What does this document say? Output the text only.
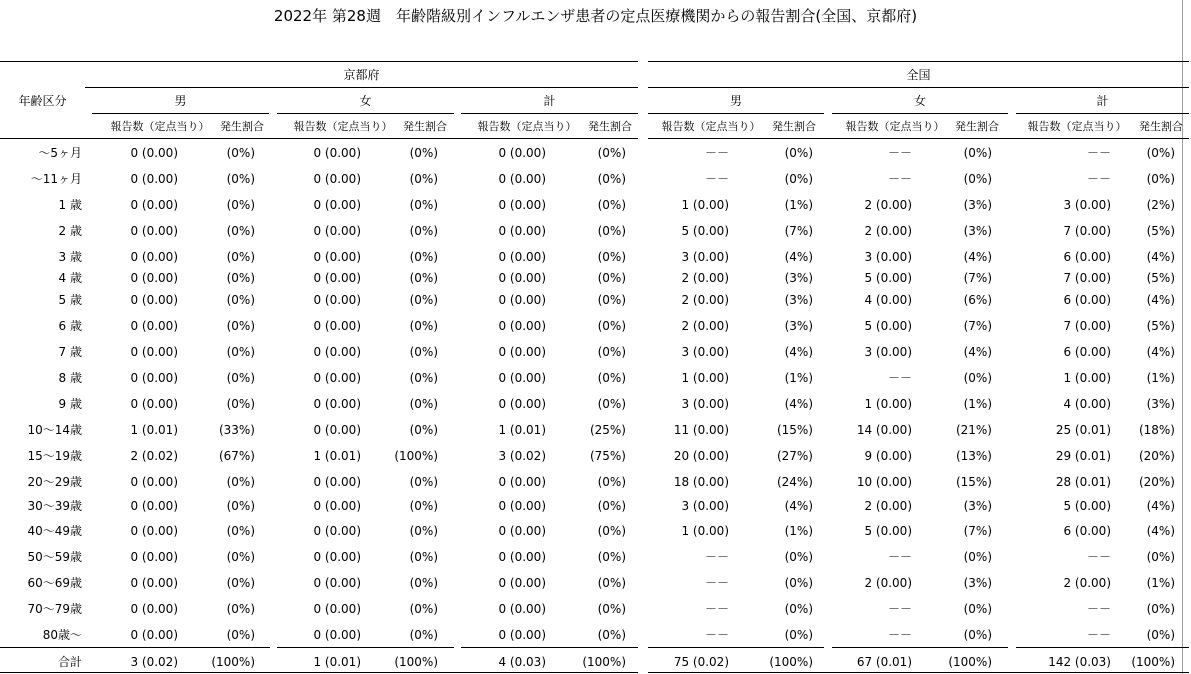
2022年 第28週　年齢階級別インフルエンザ患者の定点医療機関からの報告割合(全国、京都府)
年齢区分
京都府	全国
男
報告数（定点当り） 発生割合
女
報告数（定点当り） 発生割合
計
報告数（定点当り）	発生割合
男
報告数（定点当り）	発生割合
女
報告数（定点当り） 発生割合
計
報告数（定点当り）	発生割合
〜5ヶ月	0 (0.00)	(0%)	0 (0.00)	(0%)	0 (0.00)	(0%)	－－	(0%)	－－	(0%)	－－	(0%)
〜11ヶ月	0 (0.00)	(0%)	0 (0.00)	(0%)	0 (0.00)	(0%)	－－	(0%)	－－	(0%)	－－	(0%)
1 歳	0 (0.00)	(0%)	0 (0.00)	(0%)	0 (0.00)	(0%)	1 (0.00)	(1%)	2 (0.00)	(3%)	3 (0.00)	(2%)
2 歳	0 (0.00)	(0%)	0 (0.00)	(0%)	0 (0.00)	(0%)	5 (0.00)	(7%)	2 (0.00)	(3%)	7 (0.00)	(5%)
3 歳	0 (0.00)	(0%)	0 (0.00)	(0%)	0 (0.00)	(0%)	3 (0.00)	(4%)	3 (0.00)	(4%)	6 (0.00)	(4%)
4 歳	0 (0.00)	(0%)	0 (0.00)	(0%)	0 (0.00)	(0%)	2 (0.00)	(3%)	5 (0.00)	(7%)	7 (0.00)	(5%)
5 歳	0 (0.00)	(0%)	0 (0.00)	(0%)	0 (0.00)	(0%)	2 (0.00)	(3%)	4 (0.00)	(6%)	6 (0.00)	(4%)
6 歳	0 (0.00)	(0%)	0 (0.00)	(0%)	0 (0.00)	(0%)	2 (0.00)	(3%)	5 (0.00)	(7%)	7 (0.00)	(5%)
7 歳	0 (0.00)	(0%)	0 (0.00)	(0%)	0 (0.00)	(0%)	3 (0.00)	(4%)	3 (0.00)	(4%)	6 (0.00)	(4%)
8 歳	0 (0.00)	(0%)	0 (0.00)	(0%)	0 (0.00)	(0%)	1 (0.00)	(1%)	－－	(0%)	1 (0.00)	(1%)
9 歳	0 (0.00)	(0%)	0 (0.00)	(0%)	0 (0.00)	(0%)	3 (0.00)	(4%)	1 (0.00)	(1%)	4 (0.00)	(3%)
10〜14歳	1 (0.01)	(33%)	0 (0.00)	(0%)	1 (0.01)	(25%)	11 (0.00)	(15%)	14 (0.00)	(21%)	25 (0.01)	(18%)
15〜19歳	2 (0.02)	(67%)	1 (0.01)	(100%)	3 (0.02)	(75%)	20 (0.00)	(27%)	9 (0.00)	(13%)	29 (0.01)	(20%)
20〜29歳	0 (0.00)	(0%)	0 (0.00)	(0%)	0 (0.00)	(0%)	18 (0.00)	(24%)	10 (0.00)	(15%)	28 (0.01)	(20%)
30〜39歳	0 (0.00)	(0%)	0 (0.00)	(0%)	0 (0.00)	(0%)	3 (0.00)	(4%)	2 (0.00)	(3%)	5 (0.00)	(4%)
40〜49歳	0 (0.00)	(0%)	0 (0.00)	(0%)	0 (0.00)	(0%)	1 (0.00)	(1%)	5 (0.00)	(7%)	6 (0.00)	(4%)
50〜59歳	0 (0.00)	(0%)	0 (0.00)	(0%)	0 (0.00)	(0%)	－－	(0%)	－－	(0%)	－－	(0%)
60〜69歳	0 (0.00)	(0%)	0 (0.00)	(0%)	0 (0.00)	(0%)	－－	(0%)	2 (0.00)	(3%)	2 (0.00)	(1%)
70〜79歳	0 (0.00)	(0%)	0 (0.00)	(0%)	0 (0.00)	(0%)	－－	(0%)	－－	(0%)	－－	(0%)
80歳〜	0 (0.00)	(0%)	0 (0.00)	(0%)	0 (0.00)	(0%)	－－	(0%)	－－	(0%)	－－	(0%)
合計	3 (0.02)	(100%)	1 (0.01)	(100%)	4 (0.03)	(100%)	75 (0.02)	(100%)	67 (0.01)	(100%)	142 (0.03)	(100%)
